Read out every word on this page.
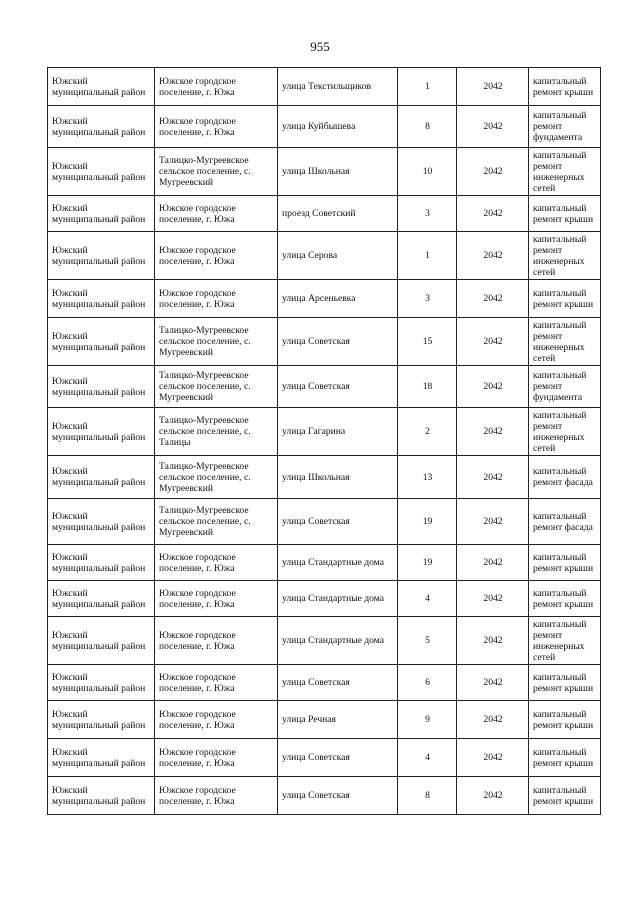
955
Южский муниципальный район	Южское городское поселение, г. Южа	улица Текстильщиков	1	2042	капитальный ремонт крыши
Южский муниципальный район	Южское городское поселение, г. Южа	улица Куйбышева	8	2042	капитальный ремонт фундамента
Южский муниципальный район	Талицко-Мугреевское сельское поселение, с. Мугреевский	улица Школьная	10	2042	капитальный ремонт инженерных сетей
Южский муниципальный район	Южское городское поселение, г. Южа	проезд Советский	3	2042	капитальный ремонт крыши
Южский муниципальный район	Южское городское поселение, г. Южа	улица Серова	1	2042	капитальный ремонт инженерных сетей
Южский муниципальный район	Южское городское поселение, г. Южа	улица Арсеньевка	3	2042	капитальный ремонт крыши
Южский муниципальный район	Талицко-Мугреевское сельское поселение, с. Мугреевский	улица Советская	15	2042	капитальный ремонт инженерных сетей
Южский муниципальный район	Талицко-Мугреевское сельское поселение, с. Мугреевский	улица Советская	18	2042	капитальный ремонт фундамента
Южский муниципальный район	Талицко-Мугреевское сельское поселение, с. Талицы	улица Гагарина	2	2042	капитальный ремонт инженерных сетей
Южский муниципальный район	Талицко-Мугреевское сельское поселение, с. Мугреевский	улица Школьная	13	2042	капитальный ремонт фасада
Южский муниципальный район	Талицко-Мугреевское сельское поселение, с. Мугреевский	улица Советская	19	2042	капитальный ремонт фасада
Южский муниципальный район	Южское городское поселение, г. Южа	улица Стандартные дома	19	2042	капитальный ремонт крыши
Южский муниципальный район	Южское городское поселение, г. Южа	улица Стандартные дома	4	2042	капитальный ремонт крыши
Южский муниципальный район	Южское городское поселение, г. Южа	улица Стандартные дома	5	2042	капитальный ремонт инженерных сетей
Южский муниципальный район	Южское городское поселение, г. Южа	улица Советская	6	2042	капитальный ремонт крыши
Южский муниципальный район	Южское городское поселение, г. Южа	улица Речная	9	2042	капитальный ремонт крыши
Южский муниципальный район	Южское городское поселение, г. Южа	улица Советская	4	2042	капитальный ремонт крыши
Южский муниципальный район	Южское городское поселение, г. Южа	улица Советская	8	2042	капитальный ремонт крыши
